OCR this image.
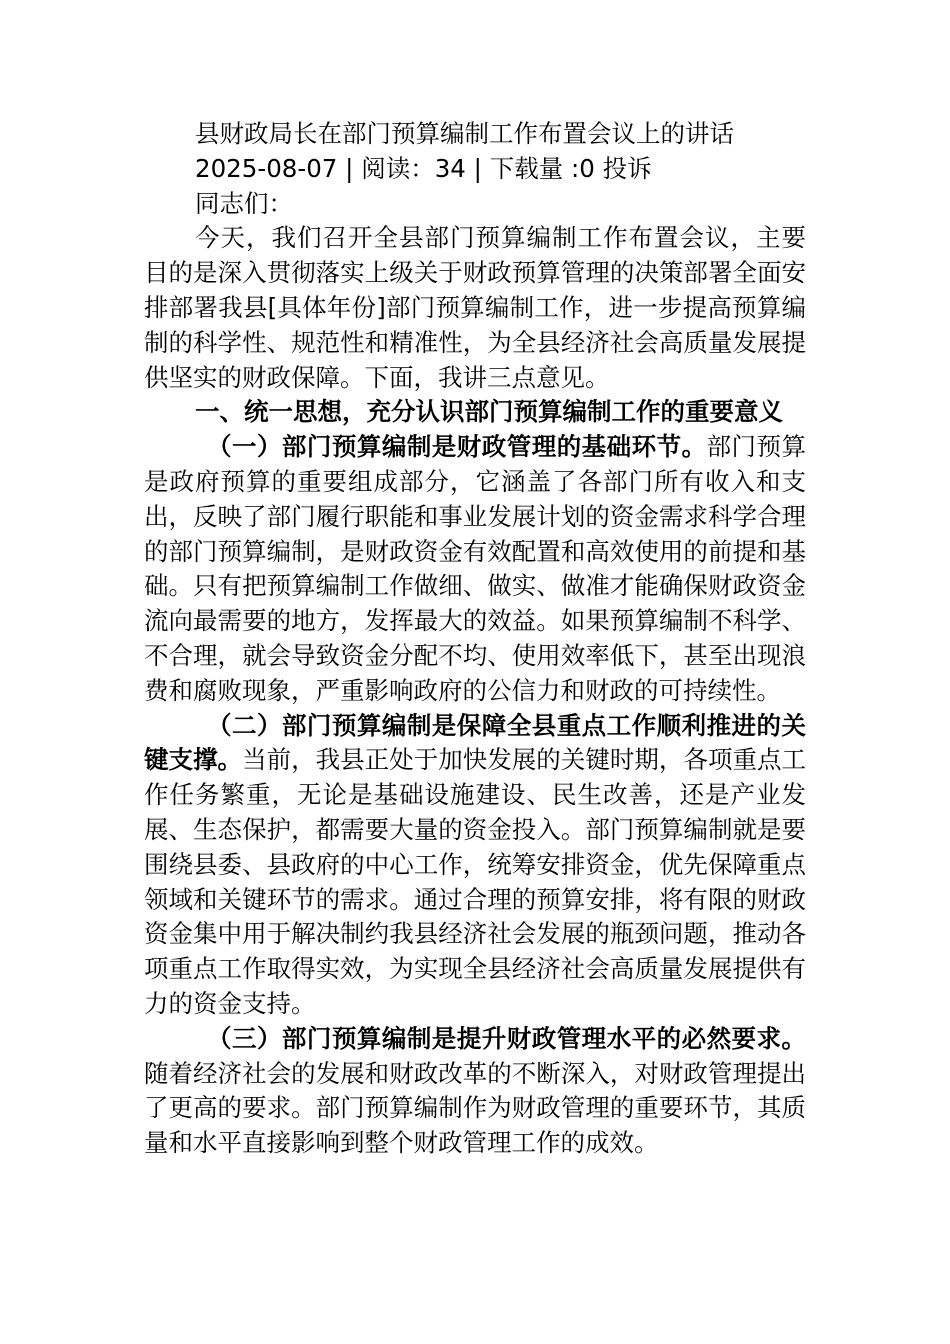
县财政局长在部门预算编制工作布置会议上的讲话

2025-08-07 | 阅读：34 | 下载量 :0 投诉

同志们：

今天，我们召开全县部门预算编制工作布置会议，主要目的是深入贯彻落实上级关于财政预算管理的决策部署全面安排部署我县[具体年份]部门预算编制工作，进一步提高预算编制的科学性、规范性和精准性，为全县经济社会高质量发展提供坚实的财政保障。下面，我讲三点意见。

一、统一思想，充分认识部门预算编制工作的重要意义

（一）部门预算编制是财政管理的基础环节。部门预算是政府预算的重要组成部分，它涵盖了各部门所有收入和支出，反映了部门履行职能和事业发展计划的资金需求科学合理的部门预算编制，是财政资金有效配置和高效使用的前提和基础。只有把预算编制工作做细、做实、做准才能确保财政资金流向最需要的地方，发挥最大的效益。如果预算编制不科学、不合理，就会导致资金分配不均、使用效率低下，甚至出现浪费和腐败现象，严重影响政府的公信力和财政的可持续性。

（二）部门预算编制是保障全县重点工作顺利推进的关键支撑。当前，我县正处于加快发展的关键时期，各项重点工作任务繁重，无论是基础设施建设、民生改善，还是产业发展、生态保护，都需要大量的资金投入。部门预算编制就是要围绕县委、县政府的中心工作，统筹安排资金，优先保障重点领域和关键环节的需求。通过合理的预算安排，将有限的财政资金集中用于解决制约我县经济社会发展的瓶颈问题，推动各项重点工作取得实效，为实现全县经济社会高质量发展提供有力的资金支持。

（三）部门预算编制是提升财政管理水平的必然要求。随着经济社会的发展和财政改革的不断深入，对财政管理提出了更高的要求。部门预算编制作为财政管理的重要环节，其质量和水平直接影响到整个财政管理工作的成效。
